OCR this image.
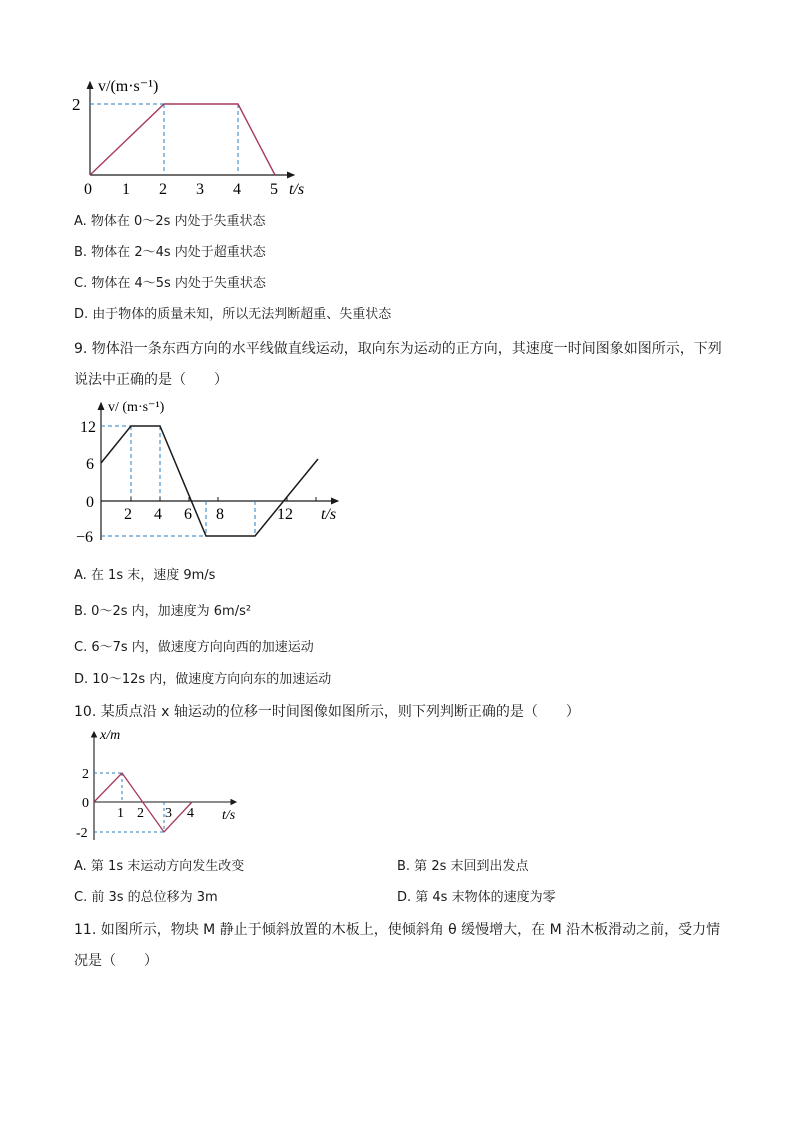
v/(m·s⁻¹)
2
0 1 2 3 4 5 t/s
A. 物体在 0～2s 内处于失重状态
B. 物体在 2～4s 内处于超重状态
C. 物体在 4～5s 内处于失重状态
D. 由于物体的质量未知，所以无法判断超重、失重状态
9. 物体沿一条东西方向的水平线做直线运动，取向东为运动的正方向，其速度一时间图象如图所示，下列
说法中正确的是（　　）
v/ (m·s⁻¹)
12
6
0
−6
2 4 6 8	12 t/s
A. 在 1s 末，速度 9m/s
B. 0～2s 内，加速度为 6m/s²
C. 6～7s 内，做速度方向向西的加速运动
D. 10～12s 内，做速度方向向东的加速运动
10. 某质点沿 x 轴运动的位移一时间图像如图所示，则下列判断正确的是（　　）
x/m
2
0
-2
1 2 3 4 t/s
A. 第 1s 末运动方向发生改变	B. 第 2s 末回到出发点
C. 前 3s 的总位移为 3m	D. 第 4s 末物体的速度为零
11. 如图所示，物块 M 静止于倾斜放置的木板上，使倾斜角 θ 缓慢增大，在 M 沿木板滑动之前，受力情
况是（　　）
